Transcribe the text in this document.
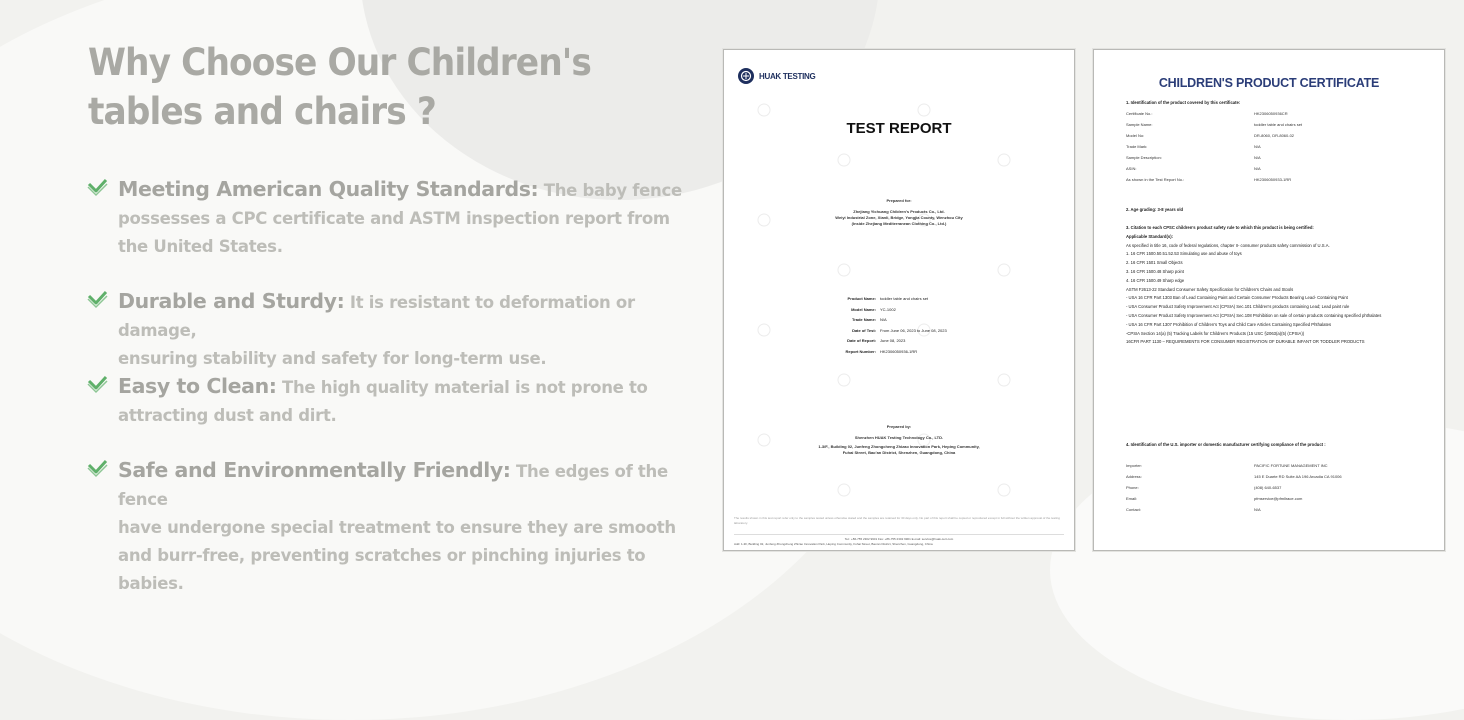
Why Choose Our Children's
tables and chairs ?
Meeting American Quality Standards: The baby fence
possesses a CPC certificate and ASTM inspection report from
the United States.
Durable and Sturdy: It is resistant to deformation or damage,
ensuring stability and safety for long-term use.
Easy to Clean: The high quality material is not prone to
attracting dust and dirt.
Safe and Environmentally Friendly: The edges of the fence
have undergone special treatment to ensure they are smooth
and burr-free, preventing scratches or pinching injuries to babies.
HUAK TESTING
TEST REPORT
Prepared for:
Zhejiang Yichuang Children's Products Co., Ltd.
Weiyi Industrial Zone, Xianli, Bridge, Yongjia County, Wenzhou City
(Inside Zhejiang Mediterranean Clothing Co., Ltd.)
Product Name:	toddler table and chairs set
Model Name:	YC-1002
Trade Name:	N/A
Date of Test:	From June 06, 2023 to June 08, 2023
Date of Report:	June 08, 2023
Report Number:	HK2306050936-1RR
Prepared by:
Shenzhen HUAK Testing Technology Co., LTD.
1-3/F., Building 02, Junfeng Zhongcheng Zhizao Innovation Park, Heping Community,
Fuhai Street, Bao'an District, Shenzhen, Guangdong, China
The results shown in this test report refer only to the samples tested unless otherwise stated and the samples are retained for 30 days only. No part of this report shall be copied or reproduced except in full without the written approval of the testing laboratory.
Tel.: +86-755 2302 9901 Fax: +86-755 2302 9901 E-mail: service@huak-cert.com
Add: 1-3F, Building 02, Junfeng Zhongcheng Zhizao Innovation Park, Heping Community, Fuhai Street, Bao'an District, Shenzhen, Guangdong, China
CHILDREN'S PRODUCT CERTIFICATE
1. Identification of the product covered by this certificate:
Certificate No.:	HK2306050936CR
Sample Name:	toddler table and chairs set
Model No:	DR-8060, DR-8060-02
Trade Mark:	N/A
Sample Description:	N/A
ASIN:	N/A
As shown in the Test Report No.:	HK2306050933-1RR
2. Age grading: 3-8 years old
3. Citation to each CPSC children's product safety rule to which this product is being certified:
Applicable Standard(s):
As specified in title 16, code of federal regulations, chapter II- consumer products safety commission of U.S.A.
1. 16 CFR 1500.50.51.52.53 Simulating use and abuse of toys
2. 16 CFR 1501 Small Objects
3. 16 CFR 1500.48 Sharp point
4. 16 CFR 1500.49 Sharp edge
ASTM F2613-22 Standard Consumer Safety Specification for Children's Chairs and Stools
- USA 16 CFR Part 1303 Ban of Lead Containing Paint and Certain Consumer Products Bearing Lead- Containing Paint
- USA Consumer Product Safety Improvement Act (CPSIA) Sec.101 Children's products containing Lead; Lead paint rule
- USA Consumer Product Safety Improvement Act (CPSIA) Sec.108 Prohibition on sale of certain products containing specified phthalates
- USA 16 CFR Part 1307 Prohibition of Children's Toys and Child Care Articles Containing Specified Phthalates
-CPSIA Section 14(a) (5) Tracking Labels for Children's Products (15 USC §2063(a)(5) (CPSIA))
16CFR PART 1130 – REQUIREMENTS FOR CONSUMER REGISTRATION OF DURABLE INFANT OR TODDLER PRODUCTS
4. Identification of the U.S. importer or domestic manufacturer certifying compliance of the product :
Importer:	PACIFIC FORTUNE MANAGEMENT INC
Address:	145 E Duarte RD Suite AA 196 Arcadia CA 91006
Phone:	(408) 640-6537
Email:	pfmservice@pfmllrace.com
Contact:	N/A
